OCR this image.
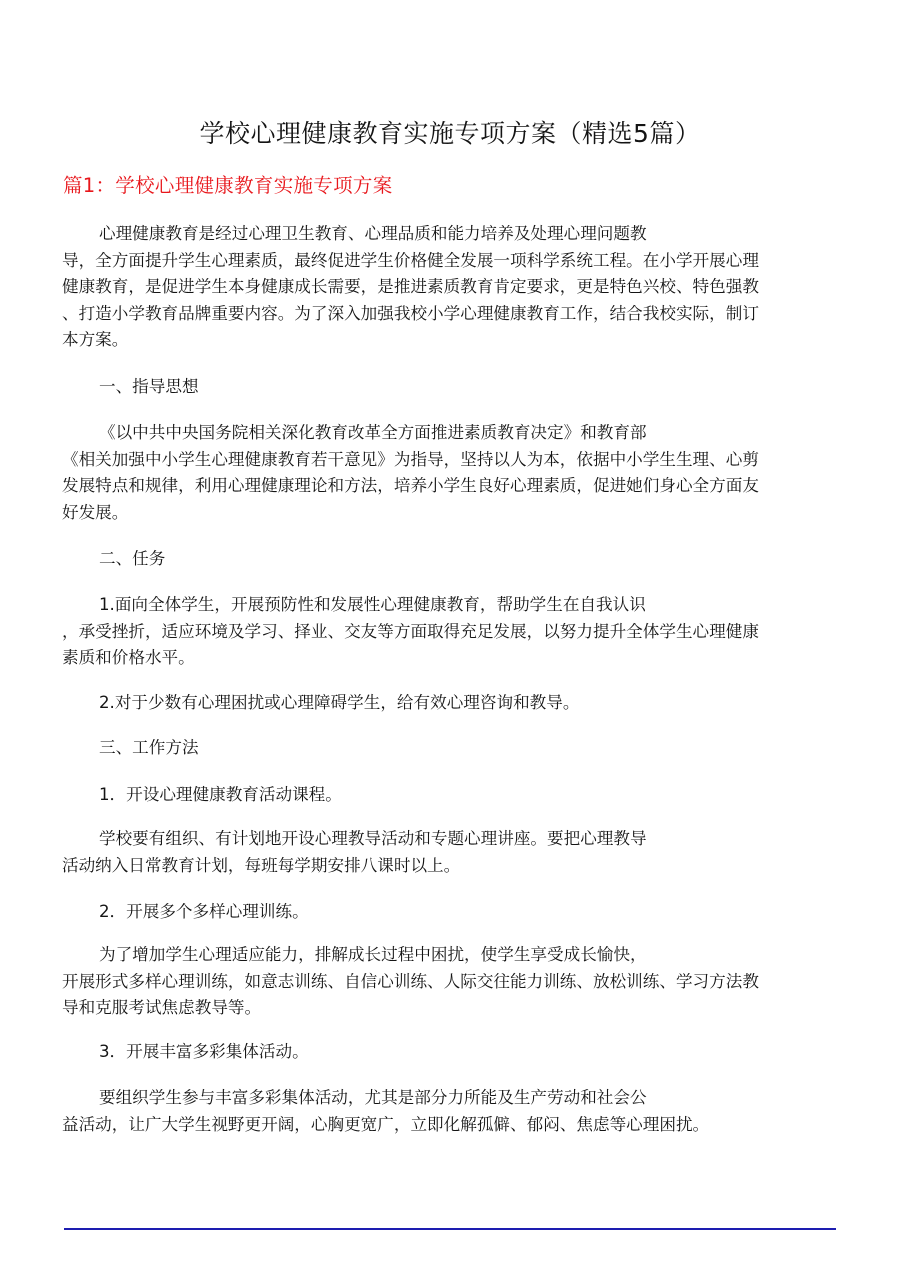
学校心理健康教育实施专项方案（精选5篇）
篇1：学校心理健康教育实施专项方案
心理健康教育是经过心理卫生教育、心理品质和能力培养及处理心理问题教
导，全方面提升学生心理素质，最终促进学生价格健全发展一项科学系统工程。在小学开展心理
健康教育，是促进学生本身健康成长需要，是推进素质教育肯定要求，更是特色兴校、特色强教
、打造小学教育品牌重要内容。为了深入加强我校小学心理健康教育工作，结合我校实际，制订
本方案。
一、指导思想
《以中共中央国务院相关深化教育改革全方面推进素质教育决定》和教育部
《相关加强中小学生心理健康教育若干意见》为指导，坚持以人为本，依据中小学生生理、心剪
发展特点和规律，利用心理健康理论和方法，培养小学生良好心理素质，促进她们身心全方面友
好发展。
二、任务
1.面向全体学生，开展预防性和发展性心理健康教育，帮助学生在自我认识
，承受挫折，适应环境及学习、择业、交友等方面取得充足发展，以努力提升全体学生心理健康
素质和价格水平。
2.对于少数有心理困扰或心理障碍学生，给有效心理咨询和教导。
三、工作方法
1．开设心理健康教育活动课程。
学校要有组织、有计划地开设心理教导活动和专题心理讲座。要把心理教导
活动纳入日常教育计划，每班每学期安排八课时以上。
2．开展多个多样心理训练。
为了增加学生心理适应能力，排解成长过程中困扰，使学生享受成长愉快，
开展形式多样心理训练，如意志训练、自信心训练、人际交往能力训练、放松训练、学习方法教
导和克服考试焦虑教导等。
3．开展丰富多彩集体活动。
要组织学生参与丰富多彩集体活动，尤其是部分力所能及生产劳动和社会公
益活动，让广大学生视野更开阔，心胸更宽广，立即化解孤僻、郁闷、焦虑等心理困扰。
